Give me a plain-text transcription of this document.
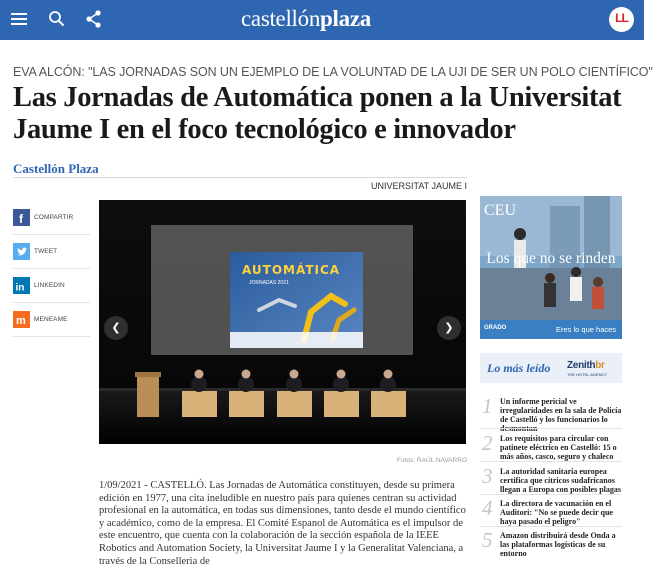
castellónplaza	LL
EVA ALCÓN: "LAS JORNADAS SON UN EJEMPLO DE LA VOLUNTAD DE LA UJI DE SER UN POLO CIENTÍFICO"
Las Jornadas de Automática ponen a la Universitat Jaume I en el foco tecnológico e innovador
Castellón Plaza
UNIVERSITAT JAUME I
f COMPARTIR
TWEET
in LINKEDIN
m MENEAME
AUTOMÁTICA
JORNADAS 2021
❮	❯
Fotos: RAÚL NAVARRO

1/09/2021 - CASTELLÓ. Las Jornadas de Automática constituyen, desde su primera edición en 1977, una cita ineludible en nuestro país para quienes centran su actividad profesional en la automática, en todas sus dimensiones, tanto desde el mundo científico y académico, como de la empresa. El Comité Espanol de Automática es el impulsor de este encuentro, que cuenta con la colaboración de la sección española de la IEEE Robotics and Automation Society, la Universitat Jaume I y la Generalitat Valenciana, a través de la Conselleria de

CEU
Los que no se rinden
GRADO	Eres lo que haces
Lo más leído Zenithbr
THE HOTEL AGENCY
1 Un informe pericial ve irregularidades en la sala de Policía de Castelló y los funcionarios lo
2 Los requisitos para circular con patinete eléctrico en Castelló: 15 o más años, casco, seguro y chaleco
3 La autoridad sanitaria europea certifica que cítricos sudafricanos llegan a Europa con posibles plagas
4 La directora de vacunación en el Auditori: "No se puede decir que haya pasado el peligro"
5 Amazon distribuirá desde Onda a las plataformas logísticas de su entorno
